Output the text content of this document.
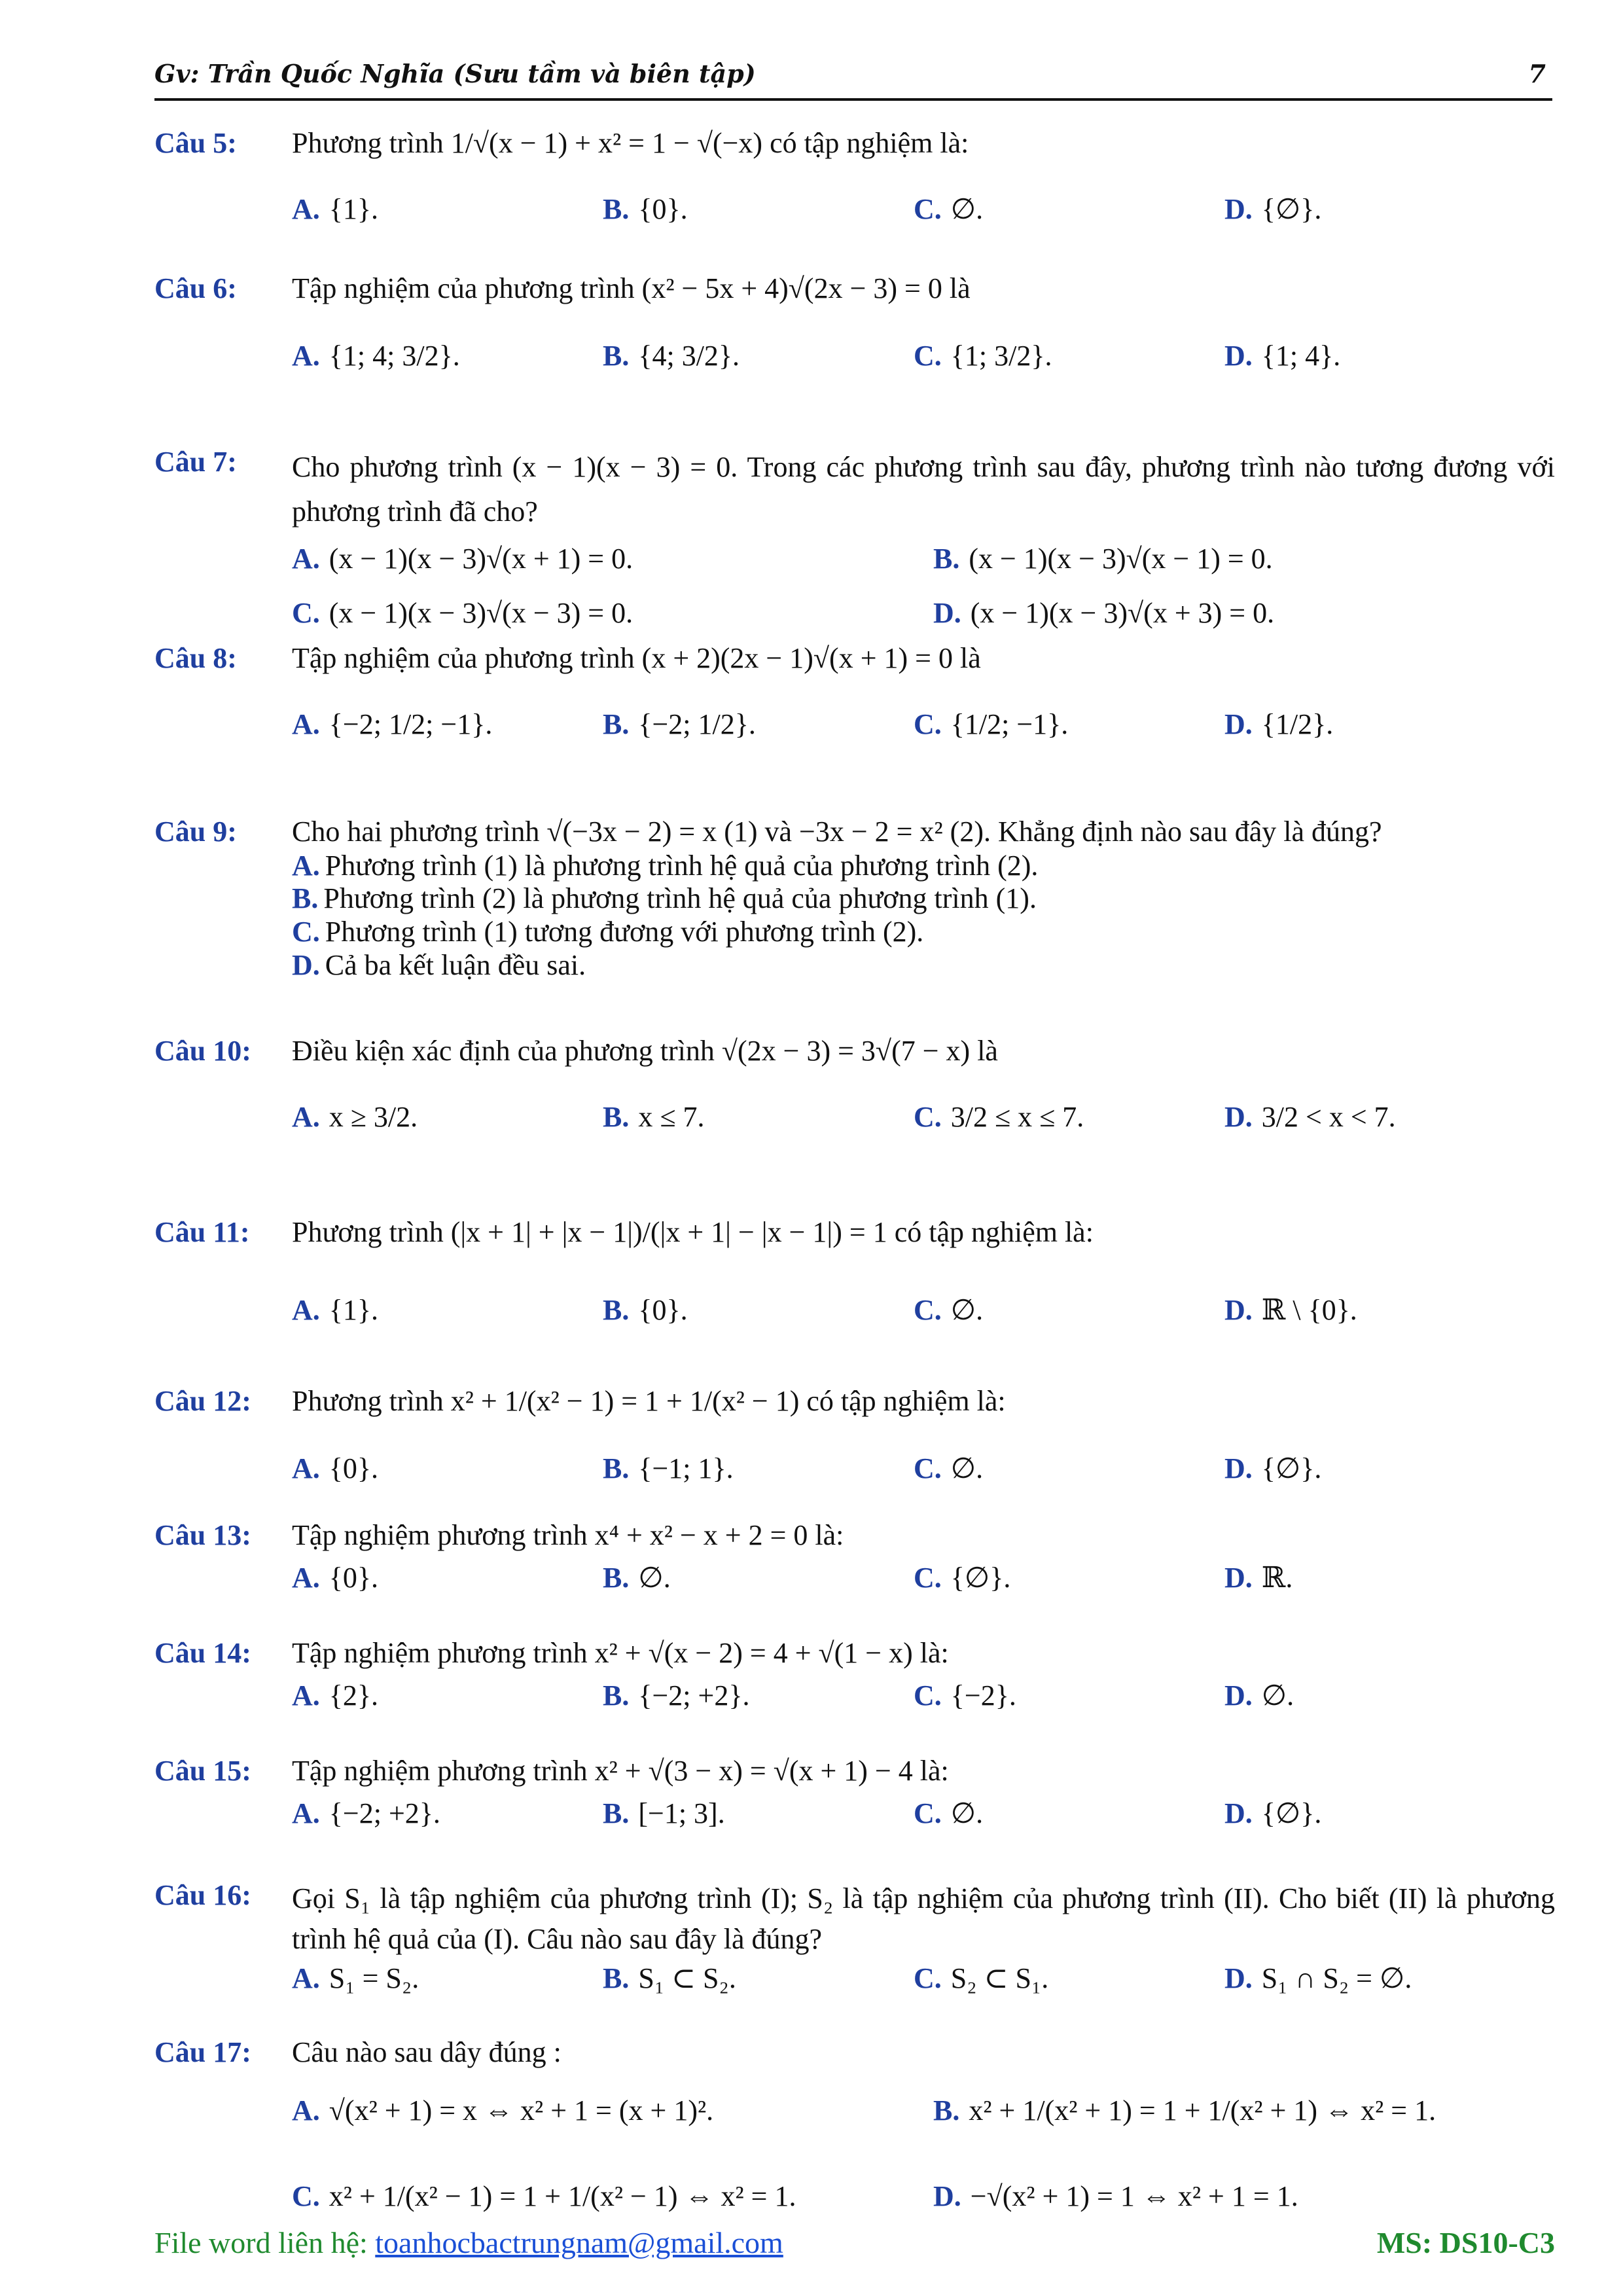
Gv: Trần Quốc Nghĩa (Sưu tầm và biên tập)	7
Câu 5: Phương trình 1/√(x − 1) + x² = 1 − √(−x) có tập nghiệm là:
A. {1}.	B. {0}.	C. ∅.	D. {∅}.
Câu 6: Tập nghiệm của phương trình (x² − 5x + 4)√(2x − 3) = 0 là
A. {1; 4; 3/2}.	B. {4; 3/2}.	C. {1; 3/2}.	D. {1; 4}.
Câu 7: Cho phương trình (x − 1)(x − 3) = 0. Trong các phương trình sau đây, phương trình nào tương đương với phương trình đã cho?
A. (x − 1)(x − 3)√(x + 1) = 0.	B. (x − 1)(x − 3)√(x − 1) = 0.
C. (x − 1)(x − 3)√(x − 3) = 0.	D. (x − 1)(x − 3)√(x + 3) = 0.
Câu 8: Tập nghiệm của phương trình (x + 2)(2x − 1)√(x + 1) = 0 là
A. {−2; 1/2; −1}.	B. {−2; 1/2}.	C. {1/2; −1}.	D. {1/2}.
Câu 9: Cho hai phương trình √(−3x − 2) = x (1) và −3x − 2 = x² (2). Khẳng định nào sau đây là đúng?
A. Phương trình (1) là phương trình hệ quả của phương trình (2).
B. Phương trình (2) là phương trình hệ quả của phương trình (1).
C. Phương trình (1) tương đương với phương trình (2).
D. Cả ba kết luận đều sai.
Câu 10: Điều kiện xác định của phương trình √(2x − 3) = 3√(7 − x) là
A. x ≥ 3/2.	B. x ≤ 7.	C. 3/2 ≤ x ≤ 7.	D. 3/2 < x < 7.
Câu 11: Phương trình (|x + 1| + |x − 1|)/(|x + 1| − |x − 1|) = 1 có tập nghiệm là:
A. {1}.	B. {0}.	C. ∅.	D. ℝ \ {0}.
Câu 12: Phương trình x² + 1/(x² − 1) = 1 + 1/(x² − 1) có tập nghiệm là:
A. {0}.	B. {−1; 1}.	C. ∅.	D. {∅}.
Câu 13: Tập nghiệm phương trình x⁴ + x² − x + 2 = 0 là:
A. {0}.	B. ∅.	C. {∅}.	D. ℝ.
Câu 14: Tập nghiệm phương trình x² + √(x − 2) = 4 + √(1 − x) là:
A. {2}.	B. {−2; +2}.	C. {−2}.	D. ∅.
Câu 15: Tập nghiệm phương trình x² + √(3 − x) = √(x + 1) − 4 là:
A. {−2; +2}.	B. [−1; 3].	C. ∅.	D. {∅}.
Câu 16: Gọi S₁ là tập nghiệm của phương trình (I); S₂ là tập nghiệm của phương trình (II). Cho biết (II) là phương trình hệ quả của (I). Câu nào sau đây là đúng?
A. S₁ = S₂.	B. S₁ ⊂ S₂.	C. S₂ ⊂ S₁.	D. S₁ ∩ S₂ = ∅.
Câu 17: Câu nào sau dây đúng :
A. √(x² + 1) = x ⇔ x² + 1 = (x + 1)².	B. x² + 1/(x² + 1) = 1 + 1/(x² + 1) ⇔ x² = 1.
C. x² + 1/(x² − 1) = 1 + 1/(x² − 1) ⇔ x² = 1.	D. −√(x² + 1) = 1 ⇔ x² + 1 = 1.
File word liên hệ: toanhocbactrungnam@gmail.com	MS: DS10-C3
